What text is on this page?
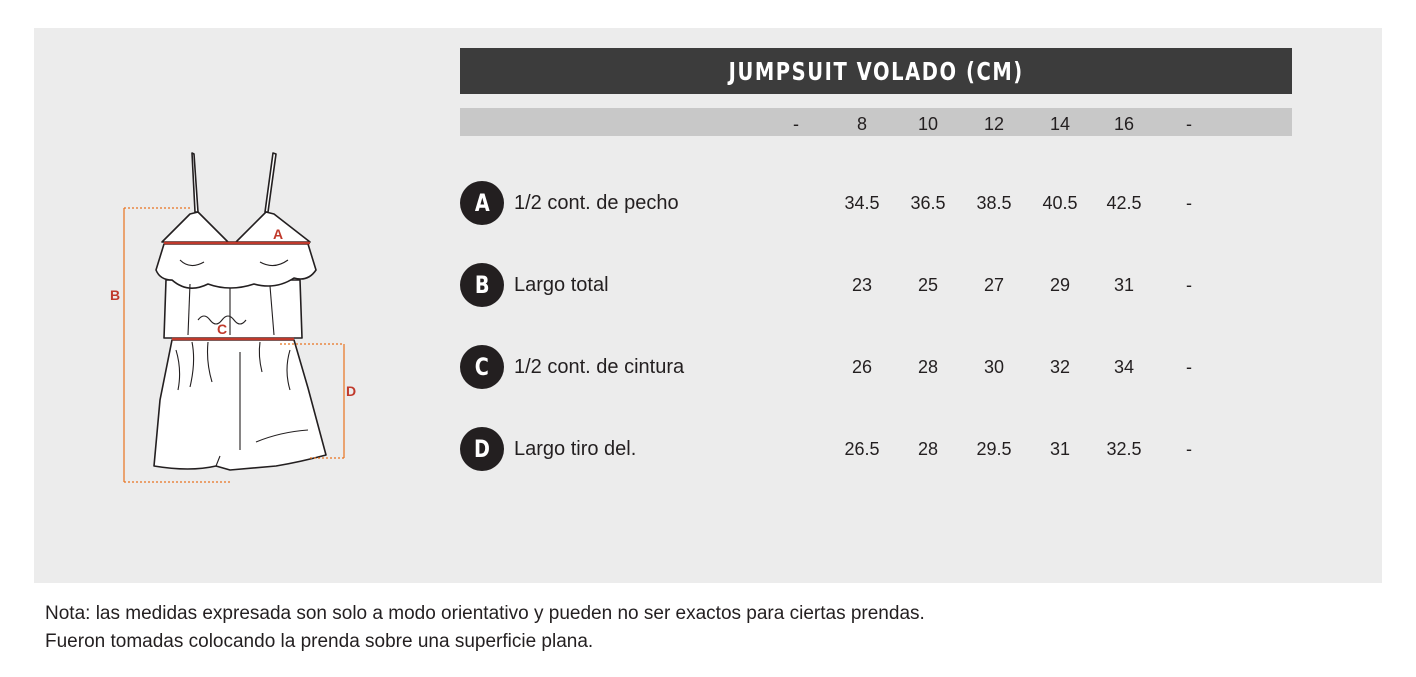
A
B
C
D
JUMPSUIT VOLADO (CM)
-	8	10	12	14	16	-
A 1/2 cont. de pecho	34.5	36.5	38.5	40.5	42.5	-
B Largo total	23	25	27	29	31	-
C 1/2 cont. de cintura	26	28	30	32	34	-
D Largo tiro del.	26.5	28	29.5	31	32.5	-
Nota: las medidas expresada son solo a modo orientativo y pueden no ser exactos para ciertas prendas.
Fueron tomadas colocando la prenda sobre una superficie plana.
